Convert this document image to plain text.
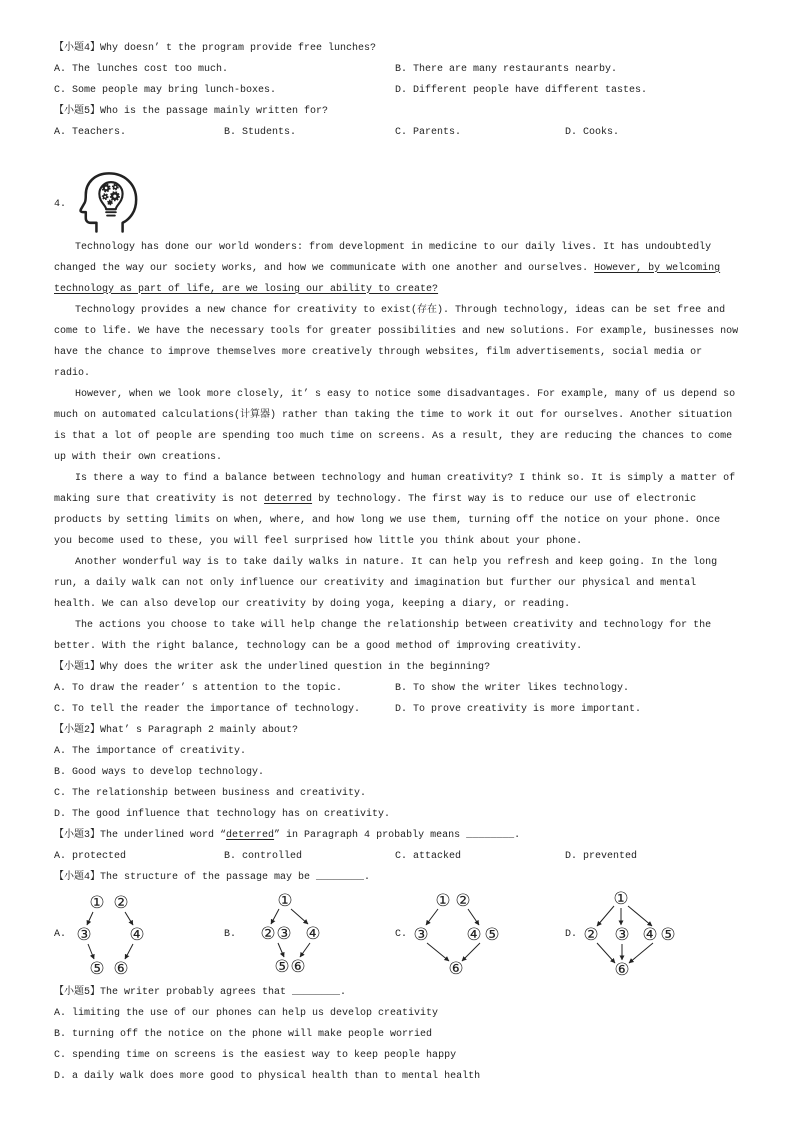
【小题4】Why doesn’ t the program provide free lunches?
A. The lunches cost too much.	B. There are many restaurants nearby.
C. Some people may bring lunch-boxes.	D. Different people have different tastes.
【小题5】Who is the passage mainly written for?
A. Teachers.	B. Students.	C. Parents.	D. Cooks.
4.

Technology has done our world wonders: from development in medicine to our daily lives. It has undoubtedly changed the way our society works, and how we communicate with one another and ourselves. However, by welcoming technology as part of life, are we losing our ability to create?

Technology provides a new chance for creativity to exist(存在). Through technology, ideas can be set free and come to life. We have the necessary tools for greater possibilities and new solutions. For example, businesses now have the chance to improve themselves more creatively through websites, film advertisements, social media or radio.

However, when we look more closely, it’ s easy to notice some disadvantages. For example, many of us depend so much on automated calculations(计算器) rather than taking the time to work it out for ourselves. Another situation is that a lot of people are spending too much time on screens. As a result, they are reducing the chances to come up with their own creations.

Is there a way to find a balance between technology and human creativity? I think so. It is simply a matter of making sure that creativity is not deterred by technology. The first way is to reduce our use of electronic products by setting limits on when, where, and how long we use them, turning off the notice on your phone. Once you become used to these, you will feel surprised how little you think about your phone.

Another wonderful way is to take daily walks in nature. It can help you refresh and keep going. In the long run, a daily walk can not only influence our creativity and imagination but further our physical and mental health. We can also develop our creativity by doing yoga, keeping a diary, or reading.

The actions you choose to take will help change the relationship between creativity and technology for the better. With the right balance, technology can be a good method of improving creativity.

【小题1】Why does the writer ask the underlined question in the beginning?
A. To draw the reader’ s attention to the topic.	B. To show the writer likes technology.
C. To tell the reader the importance of technology.	D. To prove creativity is more important.
【小题2】What’ s Paragraph 2 mainly about?
A. The importance of creativity.
B. Good ways to develop technology.
C. The relationship between business and creativity.
D. The good influence that technology has on creativity.
【小题3】The underlined word “deterred” in Paragraph 4 probably means ________.
A. protected	B. controlled	C. attacked	D. prevented
【小题4】The structure of the passage may be ________.
A.
① ②
③ ④
⑤ ⑥
B.
①
② ③ ④
⑤ ⑥
C.
① ②
③ ④ ⑤
⑥
D.
①
② ③ ④ ⑤
⑥
【小题5】The writer probably agrees that ________.
A. limiting the use of our phones can help us develop creativity
B. turning off the notice on the phone will make people worried
C. spending time on screens is the easiest way to keep people happy
D. a daily walk does more good to physical health than to mental health
